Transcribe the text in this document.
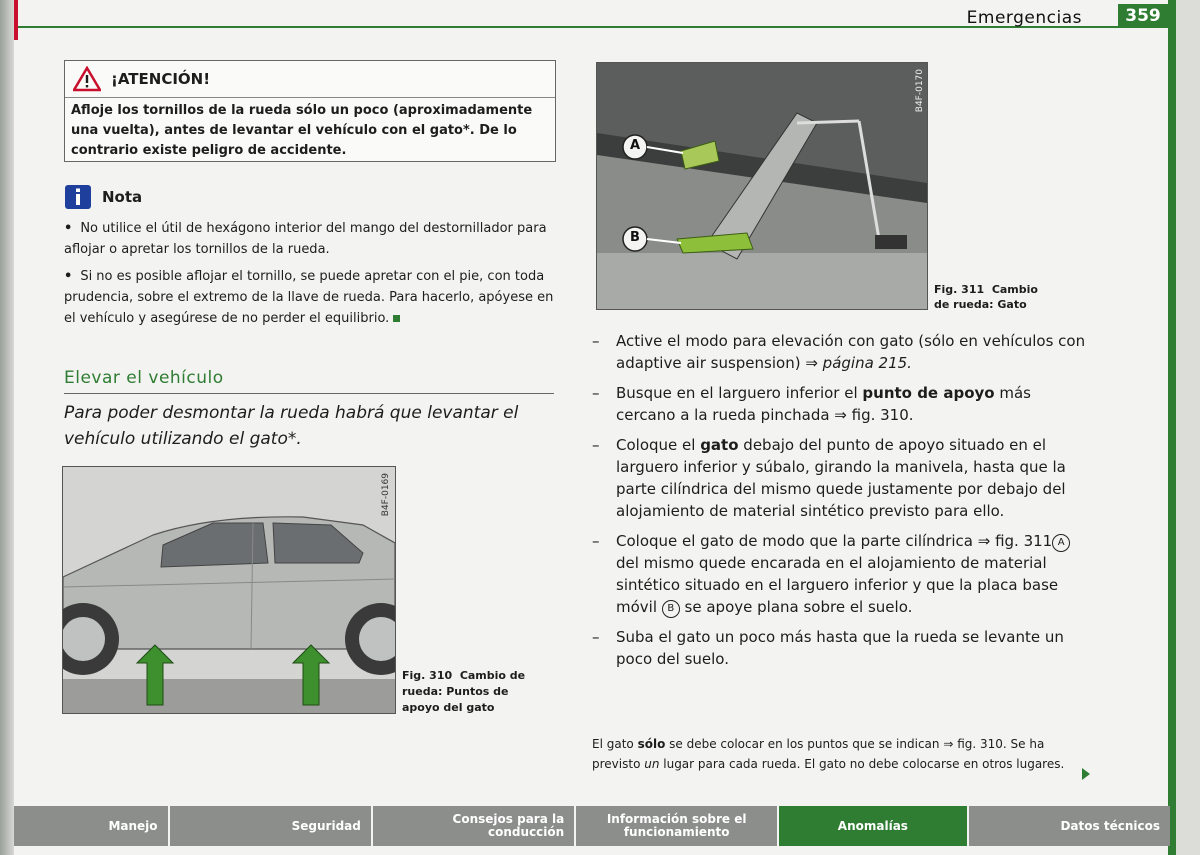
Emergencias	359
¡ATENCIÓN!
Afloje los tornillos de la rueda sólo un poco (aproximadamente una vuelta), antes de levantar el vehículo con el gato*. De lo contrario existe peligro de accidente.
Nota
• No utilice el útil de hexágono interior del mango del destornillador para aflojar o apretar los tornillos de la rueda.
• Si no es posible aflojar el tornillo, se puede apretar con el pie, con toda prudencia, sobre el extremo de la llave de rueda. Para hacerlo, apóyese en el vehículo y asegúrese de no perder el equilibrio.
Elevar el vehículo
Para poder desmontar la rueda habrá que levantar el vehículo utilizando el gato*.
B4F-0169
Fig. 310 Cambio de rueda: Puntos de apoyo del gato
A
B
B4F-0170
Fig. 311 Cambio de rueda: Gato
– Active el modo para elevación con gato (sólo en vehículos con adaptive air suspension) ⇒ página 215.
– Busque en el larguero inferior el punto de apoyo más cercano a la rueda pinchada ⇒ fig. 310.
– Coloque el gato debajo del punto de apoyo situado en el larguero inferior y súbalo, girando la manivela, hasta que la parte cilíndrica del mismo quede justamente por debajo del alojamiento de material sintético previsto para ello.
– Coloque el gato de modo que la parte cilíndrica ⇒ fig. 311 A del mismo quede encarada en el alojamiento de material sintético situado en el larguero inferior y que la placa base móvil B se apoye plana sobre el suelo.
– Suba el gato un poco más hasta que la rueda se levante un poco del suelo.
El gato sólo se debe colocar en los puntos que se indican ⇒ fig. 310. Se ha previsto un lugar para cada rueda. El gato no debe colocarse en otros lugares.
Manejo	Seguridad	Consejos para la conducción
Información sobre el funcionamiento	Anomalías	Datos técnicos
